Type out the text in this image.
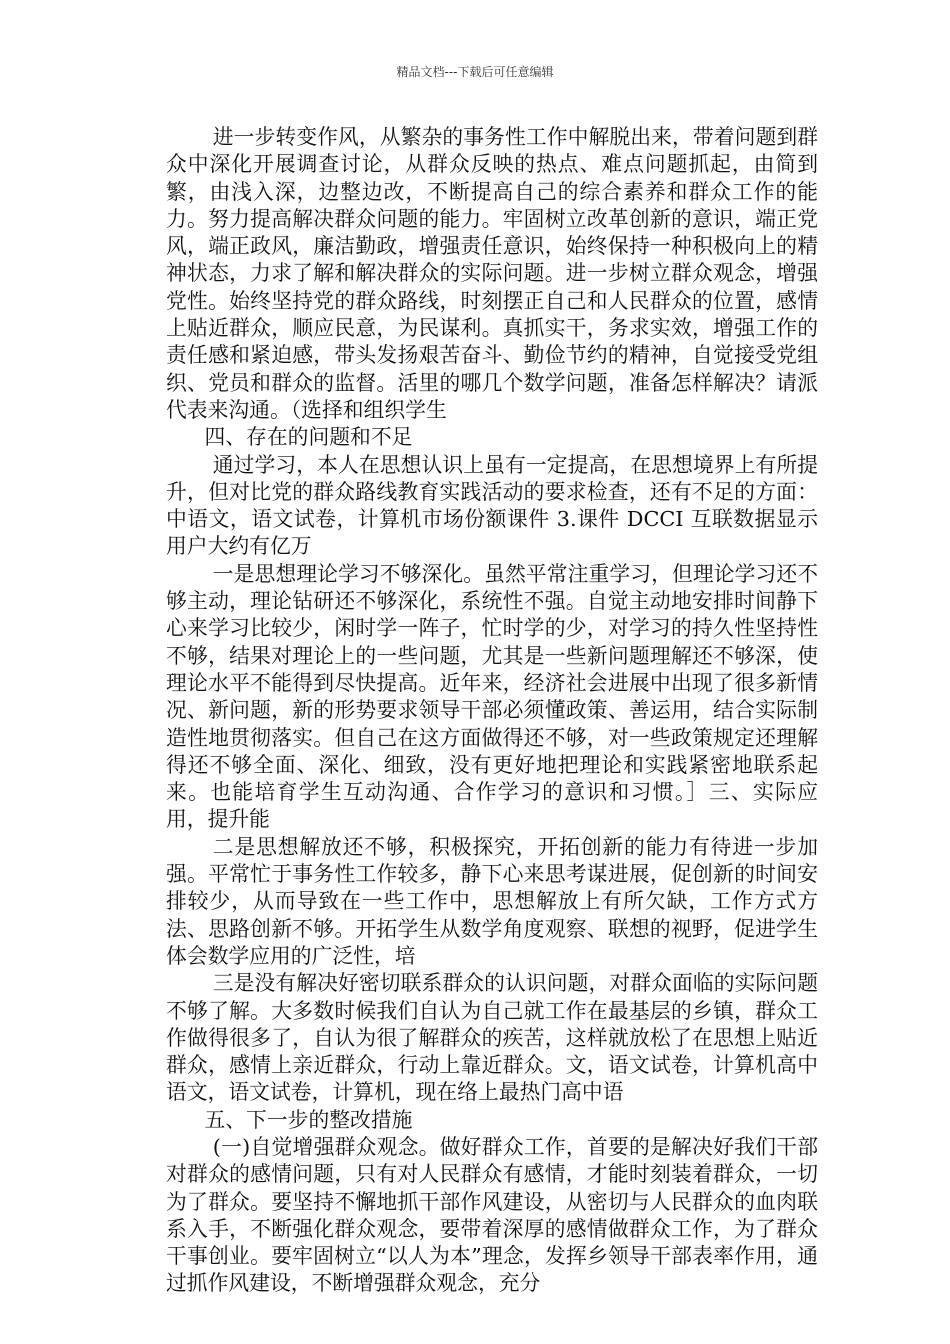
精品文档---下载后可任意编辑

进一步转变作风，从繁杂的事务性工作中解脱出来，带着问题到群众中深化开展调查讨论，从群众反映的热点、难点问题抓起，由简到繁，由浅入深，边整边改，不断提高自己的综合素养和群众工作的能力。努力提高解决群众问题的能力。牢固树立改革创新的意识，端正党风，端正政风，廉洁勤政，增强责任意识，始终保持一种积极向上的精神状态，力求了解和解决群众的实际问题。进一步树立群众观念，增强党性。始终坚持党的群众路线，时刻摆正自己和人民群众的位置，感情上贴近群众，顺应民意，为民谋利。真抓实干，务求实效，增强工作的责任感和紧迫感，带头发扬艰苦奋斗、勤俭节约的精神，自觉接受党组织、党员和群众的监督。活里的哪几个数学问题，准备怎样解决？请派代表来沟通。（选择和组织学生

四、存在的问题和不足

通过学习，本人在思想认识上虽有一定提高，在思想境界上有所提升，但对比党的群众路线教育实践活动的要求检查，还有不足的方面：中语文，语文试卷，计算机市场份额课件 3.课件 DCCI 互联数据显示用户大约有亿万

一是思想理论学习不够深化。虽然平常注重学习，但理论学习还不够主动，理论钻研还不够深化，系统性不强。自觉主动地安排时间静下心来学习比较少，闲时学一阵子，忙时学的少，对学习的持久性坚持性不够，结果对理论上的一些问题，尤其是一些新问题理解还不够深，使理论水平不能得到尽快提高。近年来，经济社会进展中出现了很多新情况、新问题，新的形势要求领导干部必须懂政策、善运用，结合实际制造性地贯彻落实。但自己在这方面做得还不够，对一些政策规定还理解得还不够全面、深化、细致，没有更好地把理论和实践紧密地联系起来。也能培育学生互动沟通、合作学习的意识和习惯。］三、实际应用，提升能

二是思想解放还不够，积极探究，开拓创新的能力有待进一步加强。平常忙于事务性工作较多，静下心来思考谋进展，促创新的时间安排较少，从而导致在一些工作中，思想解放上有所欠缺，工作方式方法、思路创新不够。开拓学生从数学角度观察、联想的视野，促进学生体会数学应用的广泛性，培

三是没有解决好密切联系群众的认识问题，对群众面临的实际问题不够了解。大多数时候我们自认为自己就工作在最基层的乡镇，群众工作做得很多了，自认为很了解群众的疾苦，这样就放松了在思想上贴近群众，感情上亲近群众，行动上靠近群众。文，语文试卷，计算机高中语文，语文试卷，计算机，现在络上最热门高中语

五、下一步的整改措施

(一)自觉增强群众观念。做好群众工作，首要的是解决好我们干部对群众的感情问题，只有对人民群众有感情，才能时刻装着群众，一切为了群众。要坚持不懈地抓干部作风建设，从密切与人民群众的血肉联系入手，不断强化群众观念，要带着深厚的感情做群众工作，为了群众干事创业。要牢固树立“以人为本”理念，发挥乡领导干部表率作用，通过抓作风建设，不断增强群众观念，充分
